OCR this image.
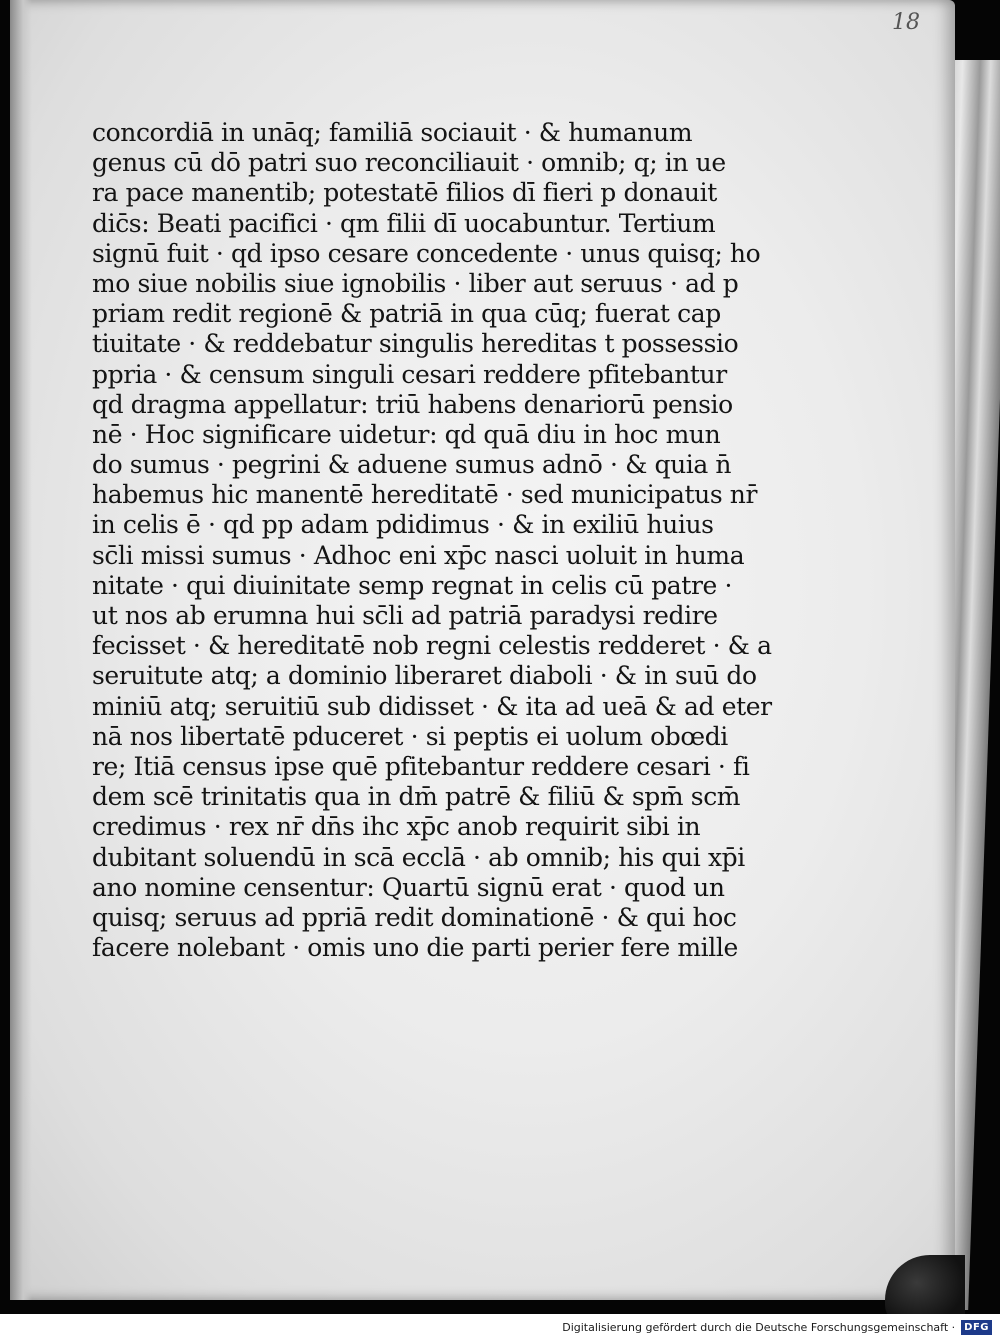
18
concordiā in unāq; familiā sociauit · & humanum
genus cū dō patri suo reconciliauit · omnib; q; in ue
ra pace manentib; potestatē filios dī fieri p donauit
dic̄s: Beati pacifici · qm filii dī uocabuntur. Tertium
signū fuit · qd ipso cesare concedente · unus quisq; ho
mo siue nobilis siue ignobilis · liber aut seruus · ad p
priam redit regionē & patriā in qua cūq; fuerat cap
tiuitate · & reddebatur singulis hereditas t possessio
ppria · & censum singuli cesari reddere pfitebantur
qd dragma appellatur: triū habens denariorū pensio
nē · Hoc significare uidetur: qd quā diu in hoc mun
do sumus · pegrini & aduene sumus adnō · & quia n̄
habemus hic manentē hereditatē · sed municipatus nr̄
in celis ē · qd pp adam pdidimus · & in exiliū huius
sc̄li missi sumus · Adhoc eni xp̄c nasci uoluit in huma
nitate · qui diuinitate semp regnat in celis cū patre ·
ut nos ab erumna hui sc̄li ad patriā paradysi redire
fecisset · & hereditatē nob regni celestis redderet · & a
seruitute atq; a dominio liberaret diaboli · & in suū do
miniū atq; seruitiū sub didisset · & ita ad ueā & ad eter
nā nos libertatē pduceret · si peptis ei uolum obœdi
re; Itiā census ipse quē pfitebantur reddere cesari · fi
dem scē trinitatis qua in dm̄ patrē & filiū & spm̄ scm̄
credimus · rex nr̄ dn̄s ihc xp̄c anob requirit sibi in
dubitant soluendū in scā ecclā · ab omnib; his qui xp̄i
ano nomine censentur: Quartū signū erat · quod un
quisq; seruus ad ppriā redit dominationē · & qui hoc
facere nolebant · omis uno die parti perier fere mille
Digitalisierung gefördert durch die Deutsche Forschungsgemeinschaft · DFG
